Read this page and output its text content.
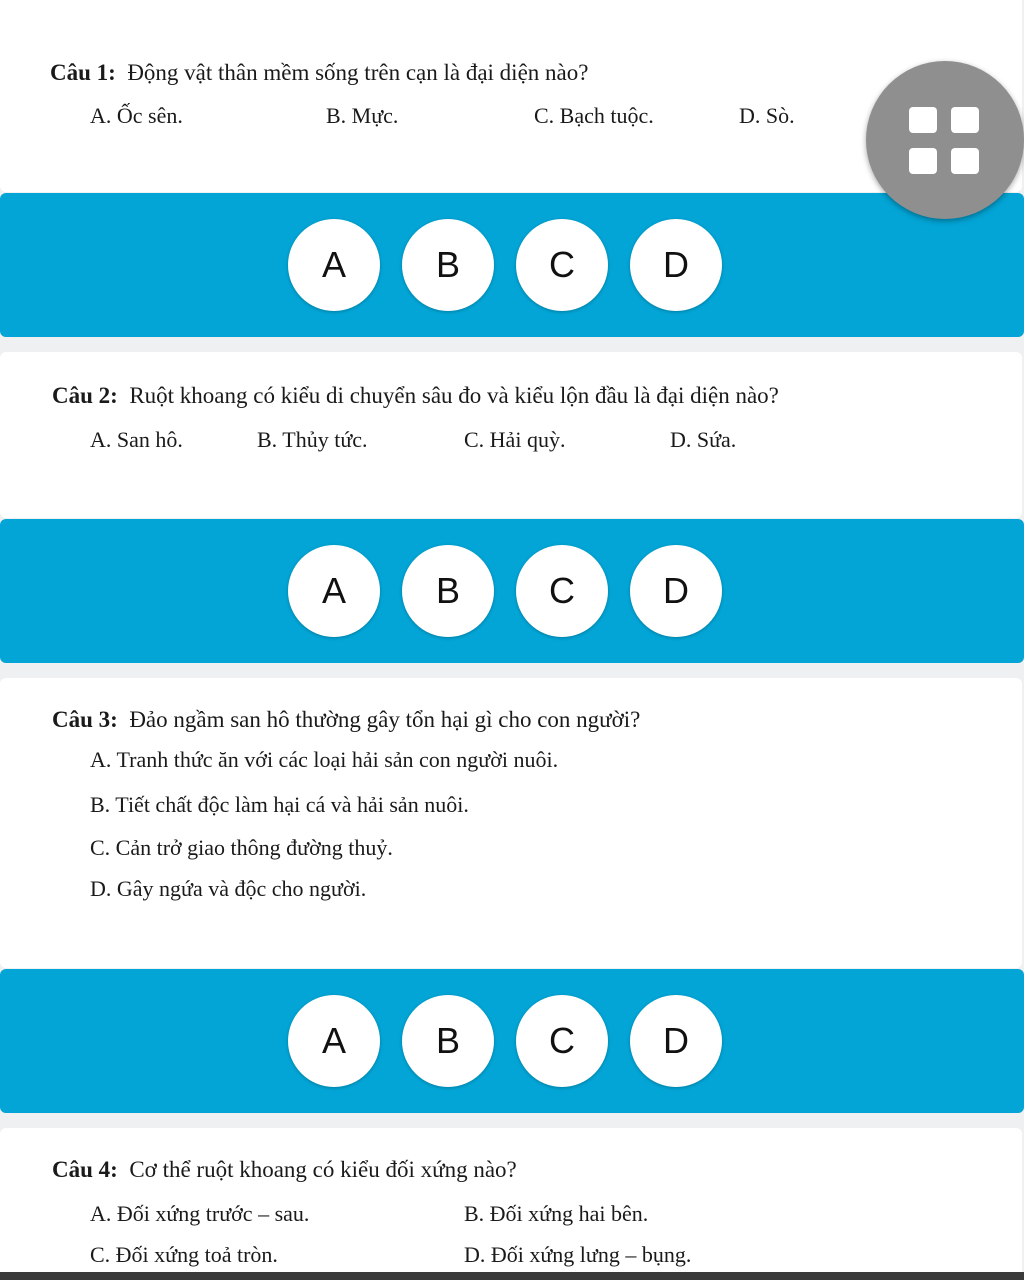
Câu 1: Động vật thân mềm sống trên cạn là đại diện nào?
A. Ốc sên.	B. Mực.	C. Bạch tuộc.	D. Sò.
A	B	C	D
Câu 2: Ruột khoang có kiểu di chuyển sâu đo và kiểu lộn đầu là đại diện nào?
A. San hô.	B. Thủy tức.	C. Hải quỳ.	D. Sứa.
A	B	C	D
Câu 3: Đảo ngầm san hô thường gây tổn hại gì cho con người?
A. Tranh thức ăn với các loại hải sản con người nuôi.
B. Tiết chất độc làm hại cá và hải sản nuôi.
C. Cản trở giao thông đường thuỷ.
D. Gây ngứa và độc cho người.
A	B	C	D
Câu 4: Cơ thể ruột khoang có kiểu đối xứng nào?
A. Đối xứng trước – sau.	B. Đối xứng hai bên.
C. Đối xứng toả tròn.	D. Đối xứng lưng – bụng.
